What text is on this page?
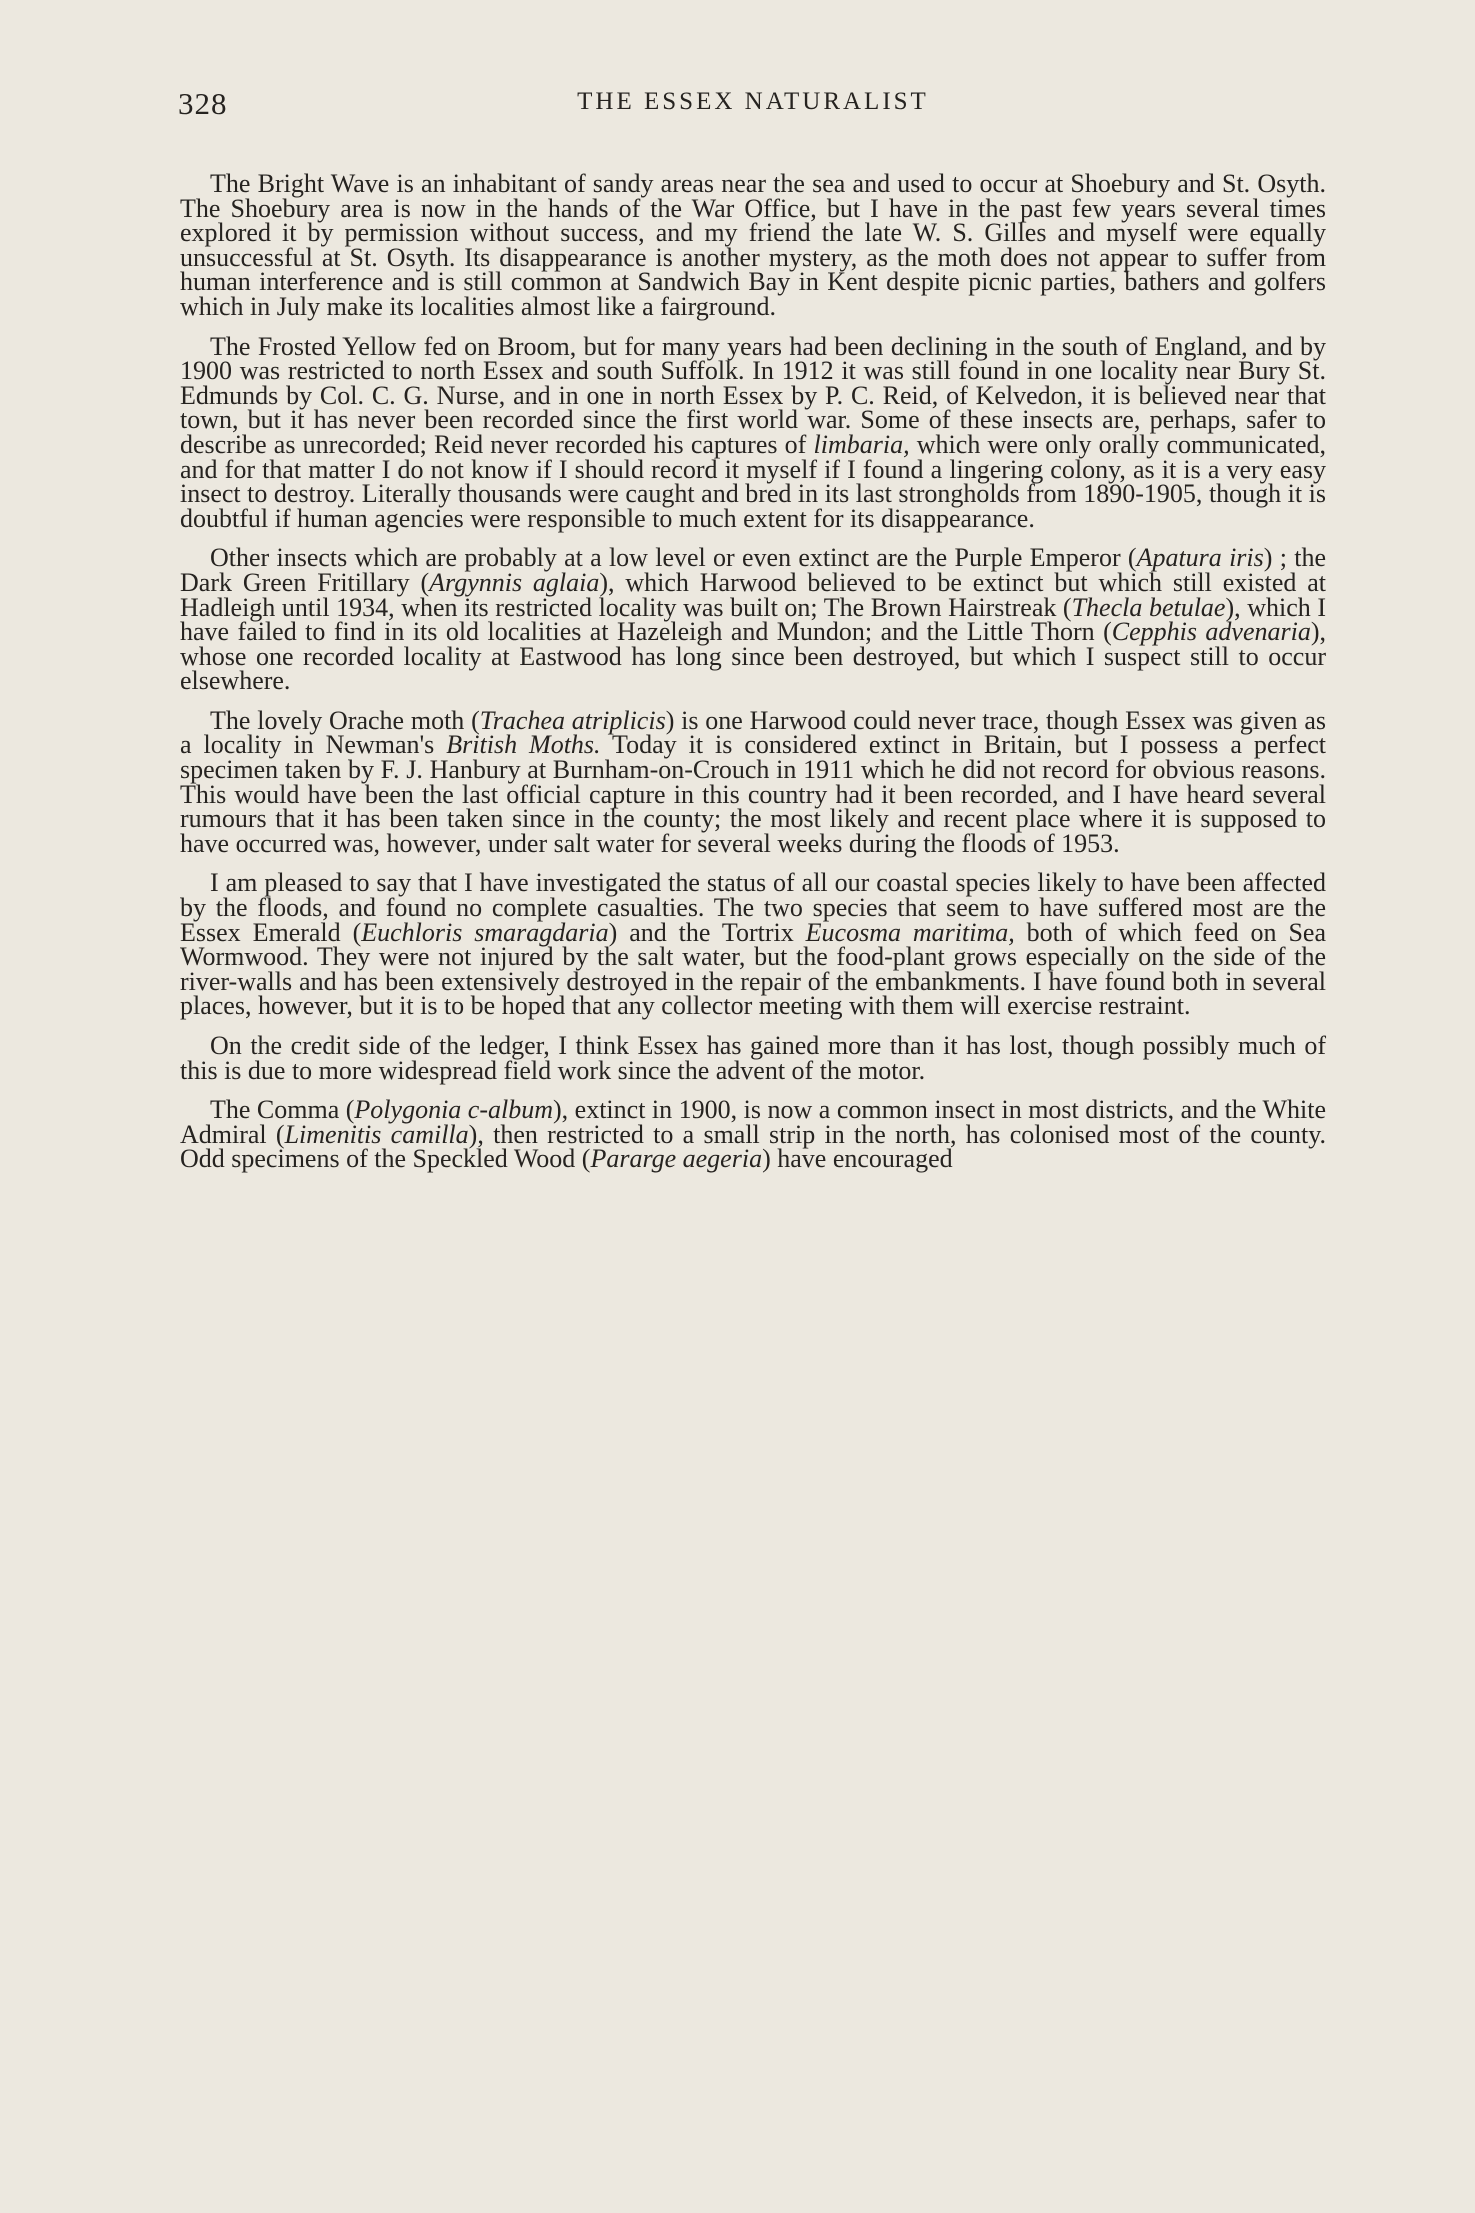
328	THE ESSEX NATURALIST

The Bright Wave is an inhabitant of sandy areas near the sea and used to occur at Shoebury and St. Osyth. The Shoebury area is now in the hands of the War Office, but I have in the past few years several times explored it by permission without success, and my friend the late W. S. Gilles and myself were equally unsuccessful at St. Osyth. Its disappearance is another mystery, as the moth does not appear to suffer from human interference and is still common at Sandwich Bay in Kent despite picnic parties, bathers and golfers which in July make its localities almost like a fairground.

The Frosted Yellow fed on Broom, but for many years had been declining in the south of England, and by 1900 was restricted to north Essex and south Suffolk. In 1912 it was still found in one locality near Bury St. Edmunds by Col. C. G. Nurse, and in one in north Essex by P. C. Reid, of Kelvedon, it is believed near that town, but it has never been recorded since the first world war. Some of these insects are, perhaps, safer to describe as unrecorded; Reid never recorded his captures of limbaria, which were only orally communicated, and for that matter I do not know if I should record it myself if I found a lingering colony, as it is a very easy insect to destroy. Literally thousands were caught and bred in its last strongholds from 1890-1905, though it is doubtful if human agencies were responsible to much extent for its disappearance.

Other insects which are probably at a low level or even extinct are the Purple Emperor (Apatura iris) ; the Dark Green Fritillary (Argynnis aglaia), which Harwood believed to be extinct but which still existed at Hadleigh until 1934, when its restricted locality was built on; The Brown Hairstreak (Thecla betulae), which I have failed to find in its old localities at Hazeleigh and Mundon; and the Little Thorn (Cepphis advenaria), whose one recorded locality at Eastwood has long since been destroyed, but which I suspect still to occur elsewhere.

The lovely Orache moth (Trachea atriplicis) is one Harwood could never trace, though Essex was given as a locality in Newman's British Moths. Today it is considered extinct in Britain, but I possess a perfect specimen taken by F. J. Hanbury at Burnham-on-Crouch in 1911 which he did not record for obvious reasons. This would have been the last official capture in this country had it been recorded, and I have heard several rumours that it has been taken since in the county; the most likely and recent place where it is supposed to have occurred was, however, under salt water for several weeks during the floods of 1953.

I am pleased to say that I have investigated the status of all our coastal species likely to have been affected by the floods, and found no complete casualties. The two species that seem to have suffered most are the Essex Emerald (Euchloris smaragdaria) and the Tortrix Eucosma maritima, both of which feed on Sea Wormwood. They were not injured by the salt water, but the food-plant grows especially on the side of the river-walls and has been extensively destroyed in the repair of the embankments. I have found both in several places, however, but it is to be hoped that any collector meeting with them will exercise restraint.

On the credit side of the ledger, I think Essex has gained more than it has lost, though possibly much of this is due to more widespread field work since the advent of the motor.

The Comma (Polygonia c-album), extinct in 1900, is now a common insect in most districts, and the White Admiral (Limenitis camilla), then restricted to a small strip in the north, has colonised most of the county. Odd specimens of the Speckled Wood (Pararge aegeria) have encouraged
